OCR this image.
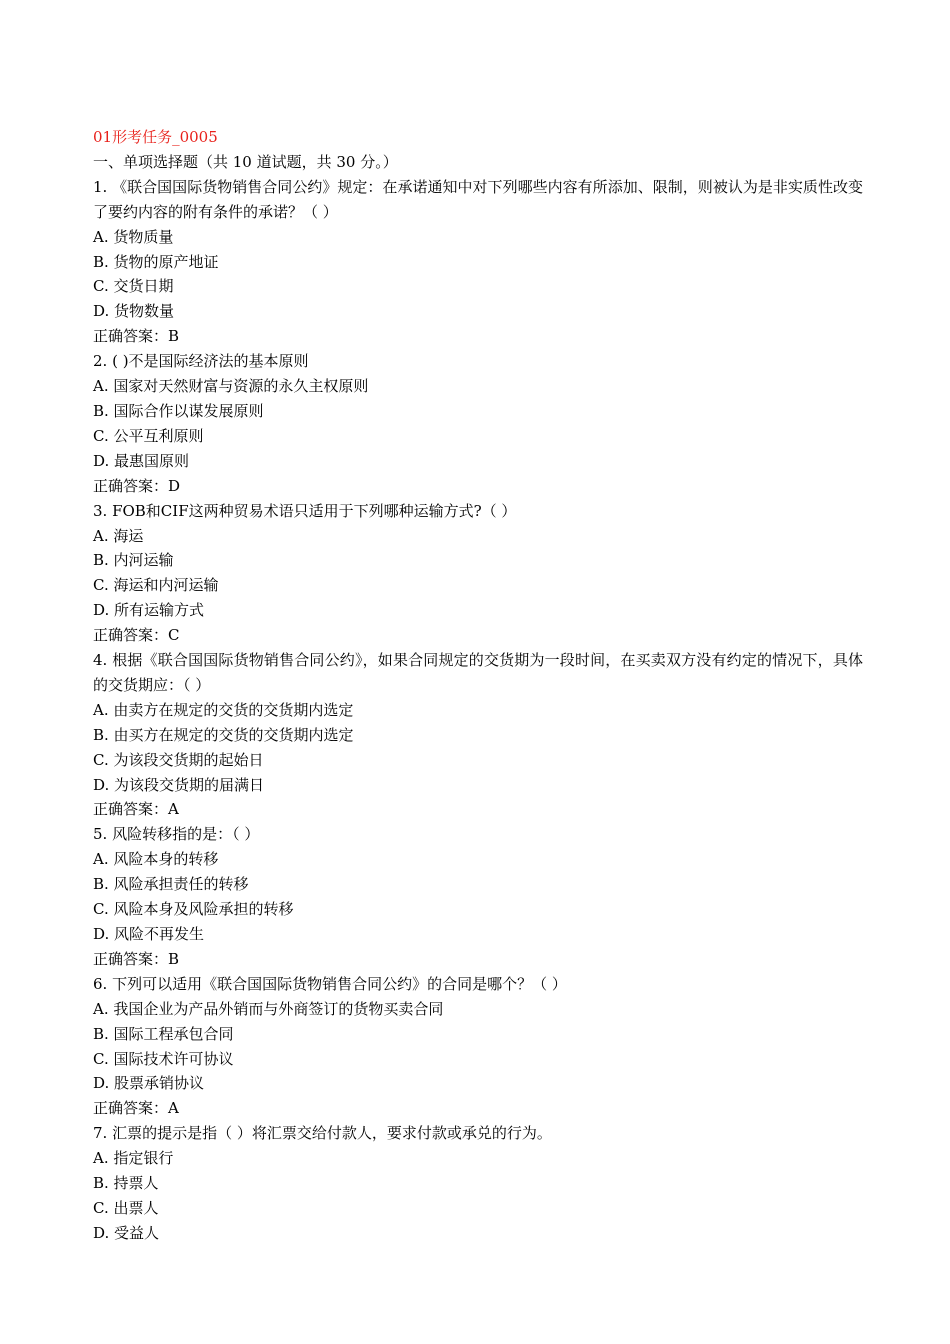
01形考任务_0005

一、单项选择题（共 10 道试题，共 30 分。）

1. 《联合国国际货物销售合同公约》规定：在承诺通知中对下列哪些内容有所添加、限制，则被认为是非实质性改变了要约内容的附有条件的承诺？（ ）

A. 货物质量

B. 货物的原产地证

C. 交货日期

D. 货物数量

正确答案：B

2. ( )不是国际经济法的基本原则

A. 国家对天然财富与资源的永久主权原则

B. 国际合作以谋发展原则

C. 公平互利原则

D. 最惠国原则

正确答案：D

3. FOB和CIF这两种贸易术语只适用于下列哪种运输方式?（ ）

A. 海运

B. 内河运输

C. 海运和内河运输

D. 所有运输方式

正确答案：C

4. 根据《联合国国际货物销售合同公约》，如果合同规定的交货期为一段时间，在买卖双方没有约定的情况下，具体的交货期应：（ ）

A. 由卖方在规定的交货的交货期内选定

B. 由买方在规定的交货的交货期内选定

C. 为该段交货期的起始日

D. 为该段交货期的届满日

正确答案：A

5. 风险转移指的是：（ ）

A. 风险本身的转移

B. 风险承担责任的转移

C. 风险本身及风险承担的转移

D. 风险不再发生

正确答案：B

6. 下列可以适用《联合国国际货物销售合同公约》的合同是哪个？（ ）

A. 我国企业为产品外销而与外商签订的货物买卖合同

B. 国际工程承包合同

C. 国际技术许可协议

D. 股票承销协议

正确答案：A

7. 汇票的提示是指（ ）将汇票交给付款人，要求付款或承兑的行为。

A. 指定银行

B. 持票人

C. 出票人

D. 受益人
